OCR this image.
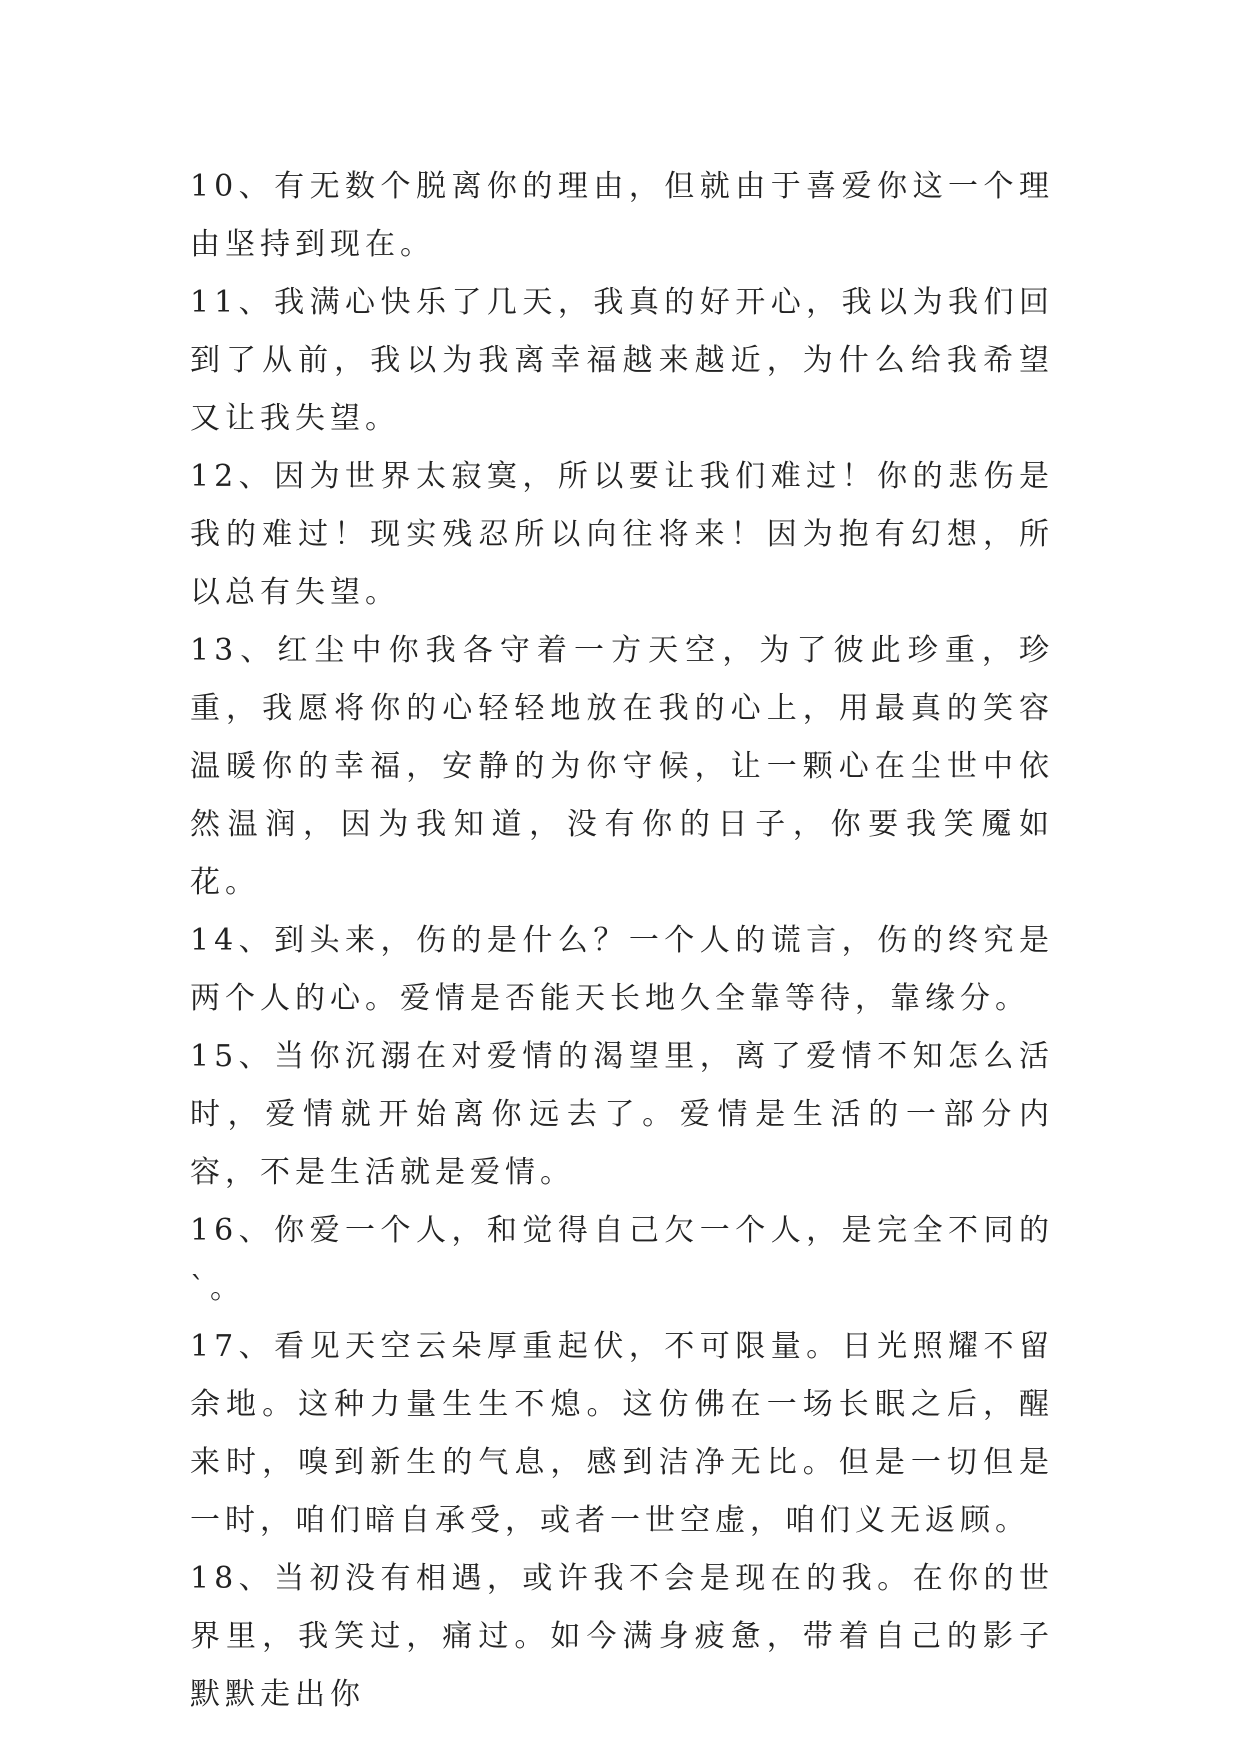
10、有无数个脱离你的理由，但就由于喜爱你这一个理由坚持到现在。

11、我满心快乐了几天，我真的好开心，我以为我们回到了从前，我以为我离幸福越来越近，为什么给我希望又让我失望。

12、因为世界太寂寞，所以要让我们难过！你的悲伤是我的难过！现实残忍所以向往将来！因为抱有幻想，所以总有失望。

13、红尘中你我各守着一方天空，为了彼此珍重，珍重，我愿将你的心轻轻地放在我的心上，用最真的笑容温暖你的幸福，安静的为你守候，让一颗心在尘世中依然温润，因为我知道，没有你的日子，你要我笑魇如花。

14、到头来，伤的是什么？一个人的谎言，伤的终究是两个人的心。爱情是否能天长地久全靠等待，靠缘分。

15、当你沉溺在对爱情的渴望里，离了爱情不知怎么活时，爱情就开始离你远去了。爱情是生活的一部分内容，不是生活就是爱情。

16、你爱一个人，和觉得自己欠一个人，是完全不同的`。

17、看见天空云朵厚重起伏，不可限量。日光照耀不留余地。这种力量生生不熄。这仿佛在一场长眠之后，醒来时，嗅到新生的气息，感到洁净无比。但是一切但是一时，咱们暗自承受，或者一世空虚，咱们义无返顾。

18、当初没有相遇，或许我不会是现在的我。在你的世界里，我笑过，痛过。如今满身疲惫，带着自己的影子默默走出你
